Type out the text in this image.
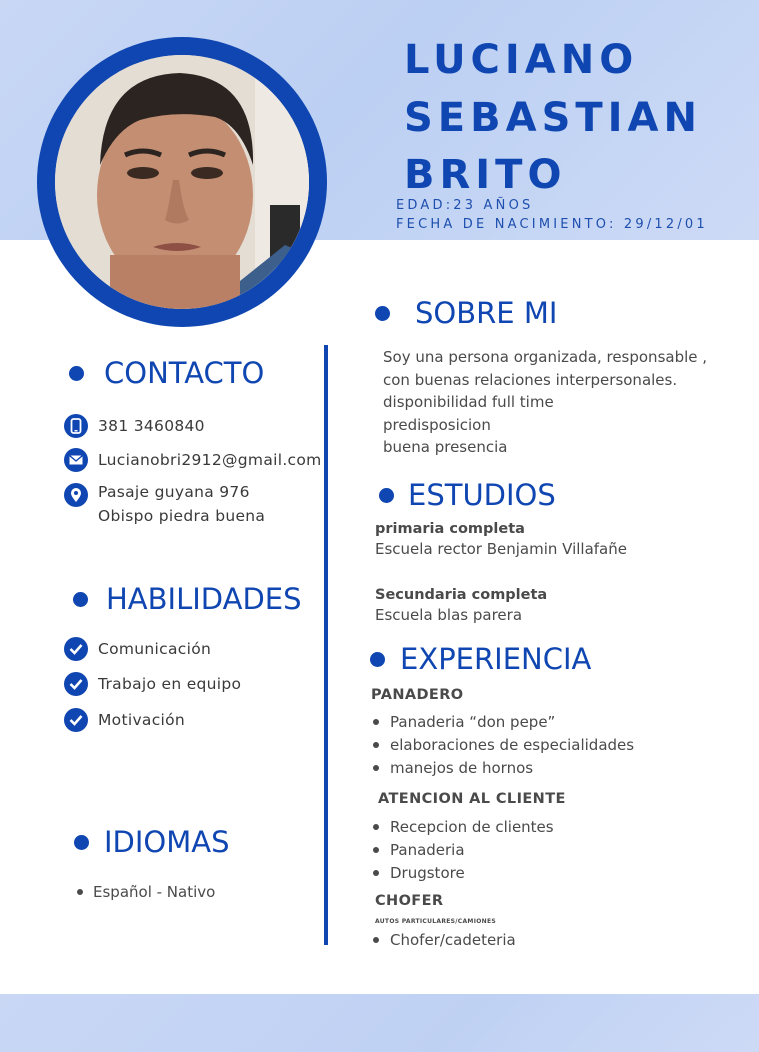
LUCIANO
SEBASTIAN
BRITO
EDAD:23 AÑOS
FECHA DE NACIMIENTO: 29/12/01
CONTACTO
381 3460840
Lucianobri2912@gmail.com
Pasaje guyana 976
Obispo piedra buena
HABILIDADES
Comunicación
Trabajo en equipo
Motivación
IDIOMAS
Español - Nativo
SOBRE MI
Soy una persona organizada, responsable ,
con buenas relaciones interpersonales.
disponibilidad full time
predisposicion
buena presencia
ESTUDIOS
primaria completa
Escuela rector Benjamin Villafañe
Secundaria completa
Escuela blas parera
EXPERIENCIA
PANADERO
Panaderia “don pepe”
elaboraciones de especialidades
manejos de hornos
ATENCION AL CLIENTE
Recepcion de clientes
Panaderia
Drugstore
CHOFER
AUTOS PARTICULARES/CAMIONES
Chofer/cadeteria
